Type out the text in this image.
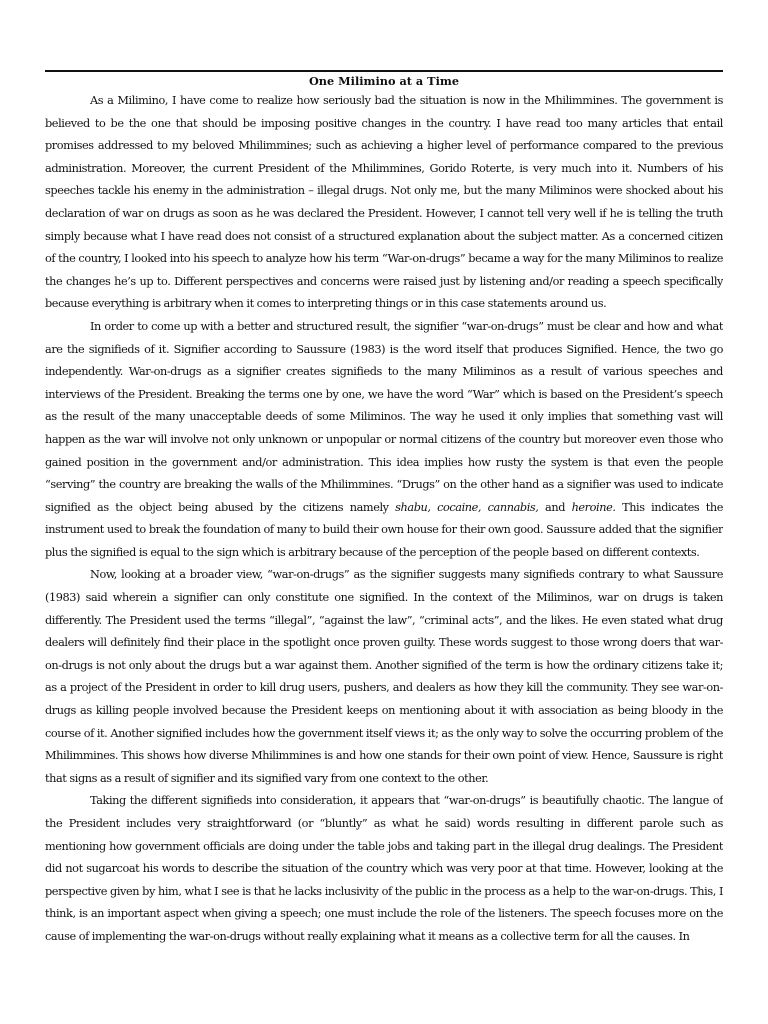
One Milimino at a Time

As a Milimino, I have come to realize how seriously bad the situation is now in the Mhilimmines. The government is believed to be the one that should be imposing positive changes in the country. I have read too many articles that entail promises addressed to my beloved Mhilimmines; such as achieving a higher level of performance compared to the previous administration. Moreover, the current President of the Mhilimmines, Gorido Roterte, is very much into it. Numbers of his speeches tackle his enemy in the administration – illegal drugs. Not only me, but the many Miliminos were shocked about his declaration of war on drugs as soon as he was declared the President. However, I cannot tell very well if he is telling the truth simply because what I have read does not consist of a structured explanation about the subject matter. As a concerned citizen of the country, I looked into his speech to analyze how his term “War-on-drugs” became a way for the many Miliminos to realize the changes he’s up to. Different perspectives and concerns were raised just by listening and/or reading a speech specifically because everything is arbitrary when it comes to interpreting things or in this case statements around us.

In order to come up with a better and structured result, the signifier “war-on-drugs” must be clear and how and what are the signifieds of it. Signifier according to Saussure (1983) is the word itself that produces Signified. Hence, the two go independently. War-on-drugs as a signifier creates signifieds to the many Miliminos as a result of various speeches and interviews of the President. Breaking the terms one by one, we have the word “War” which is based on the President’s speech as the result of the many unacceptable deeds of some Miliminos. The way he used it only implies that something vast will happen as the war will involve not only unknown or unpopular or normal citizens of the country but moreover even those who gained position in the government and/or administration. This idea implies how rusty the system is that even the people “serving” the country are breaking the walls of the Mhilimmines. “Drugs” on the other hand as a signifier was used to indicate signified as the object being abused by the citizens namely shabu, cocaine, cannabis, and heroine. This indicates the instrument used to break the foundation of many to build their own house for their own good. Saussure added that the signifier plus the signified is equal to the sign which is arbitrary because of the perception of the people based on different contexts.

Now, looking at a broader view, “war-on-drugs” as the signifier suggests many signifieds contrary to what Saussure (1983) said wherein a signifier can only constitute one signified. In the context of the Miliminos, war on drugs is taken differently. The President used the terms “illegal”, “against the law”, “criminal acts”, and the likes. He even stated what drug dealers will definitely find their place in the spotlight once proven guilty. These words suggest to those wrong doers that war-on-drugs is not only about the drugs but a war against them. Another signified of the term is how the ordinary citizens take it; as a project of the President in order to kill drug users, pushers, and dealers as how they kill the community. They see war-on-drugs as killing people involved because the President keeps on mentioning about it with association as being bloody in the course of it. Another signified includes how the government itself views it; as the only way to solve the occurring problem of the Mhilimmines. This shows how diverse Mhilimmines is and how one stands for their own point of view. Hence, Saussure is right that signs as a result of signifier and its signified vary from one context to the other.

Taking the different signifieds into consideration, it appears that “war-on-drugs” is beautifully chaotic. The langue of the President includes very straightforward (or “bluntly” as what he said) words resulting in different parole such as mentioning how government officials are doing under the table jobs and taking part in the illegal drug dealings. The President did not sugarcoat his words to describe the situation of the country which was very poor at that time. However, looking at the perspective given by him, what I see is that he lacks inclusivity of the public in the process as a help to the war-on-drugs. This, I think, is an important aspect when giving a speech; one must include the role of the listeners. The speech focuses more on the cause of implementing the war-on-drugs without really explaining what it means as a collective term for all the causes. In
